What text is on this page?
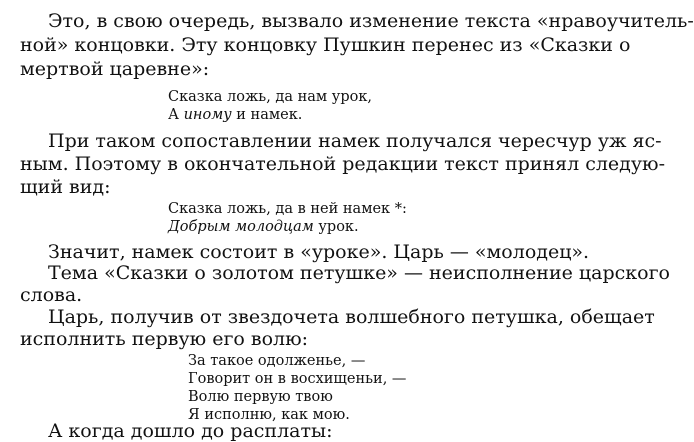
Это, в свою очередь, вызвало изменение текста «нравоучитель-
ной» концовки. Эту концовку Пушкин перенес из «Сказки о
мертвой царевне»:
Сказка ложь, да нам урок,
А иному и намек.
При таком сопоставлении намек получался чересчур уж яс-
ным. Поэтому в окончательной редакции текст принял следую-
щий вид:
Сказка ложь, да в ней намек *:
Добрым молодцам урок.
Значит, намек состоит в «уроке». Царь — «молодец».
Тема «Сказки о золотом петушке» — неисполнение царского
слова.
Царь, получив от звездочета волшебного петушка, обещает
исполнить первую его волю:
За такое одолженье, —
Говорит он в восхищеньи, —
Волю первую твою
Я исполню, как мою.
А когда дошло до расплаты:
